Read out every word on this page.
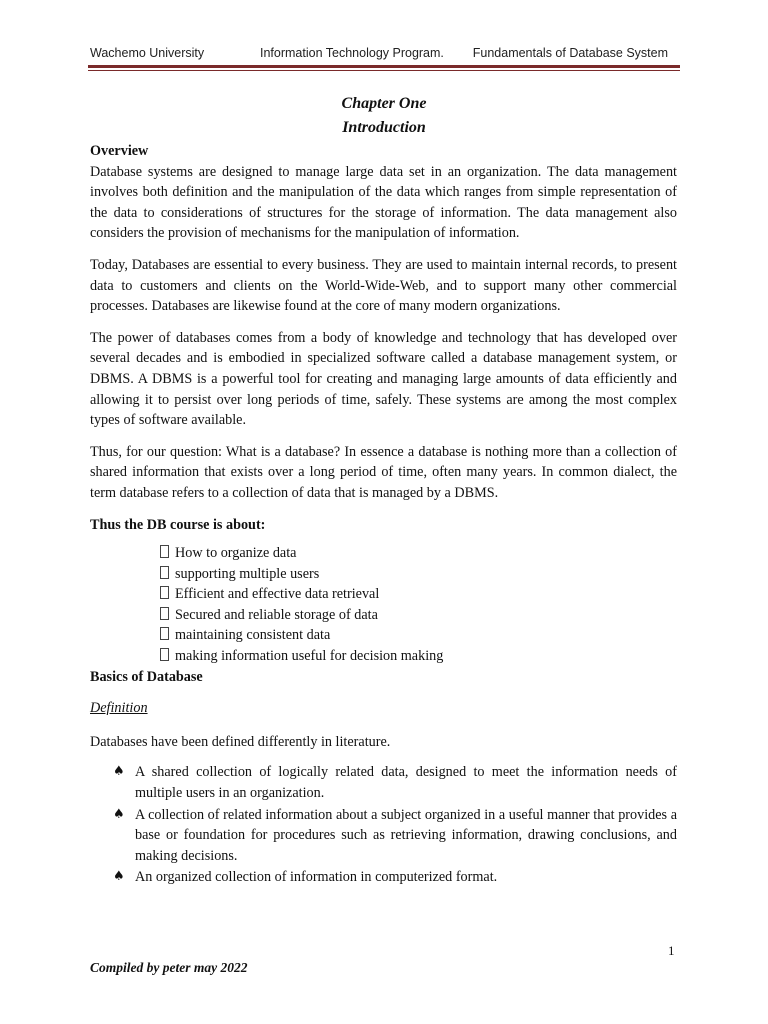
Wachemo University	Information Technology Program. Fundamentals of Database System
Chapter One
Introduction

Overview

Database systems are designed to manage large data set in an organization. The data management involves both definition and the manipulation of the data which ranges from simple representation of the data to considerations of structures for the storage of information. The data management also considers the provision of mechanisms for the manipulation of information.

Today, Databases are essential to every business. They are used to maintain internal records, to present data to customers and clients on the World-Wide-Web, and to support many other commercial processes. Databases are likewise found at the core of many modern organizations.

The power of databases comes from a body of knowledge and technology that has developed over several decades and is embodied in specialized software called a database management system, or DBMS. A DBMS is a powerful tool for creating and managing large amounts of data efficiently and allowing it to persist over long periods of time, safely. These systems are among the most complex types of software available.

Thus, for our question: What is a database? In essence a database is nothing more than a collection of shared information that exists over a long period of time, often many years. In common dialect, the term database refers to a collection of data that is managed by a DBMS.

Thus the DB course is about:

How to organize data
supporting multiple users
Efficient and effective data retrieval
Secured and reliable storage of data
maintaining consistent data
making information useful for decision making

Basics of Database

Definition

Databases have been defined differently in literature.

♠ A shared collection of logically related data, designed to meet the information needs of multiple users in an organization.
♠ A collection of related information about a subject organized in a useful manner that provides a base or foundation for procedures such as retrieving information, drawing conclusions, and making decisions.
♠ An organized collection of information in computerized format.
1
Compiled by peter may 2022
